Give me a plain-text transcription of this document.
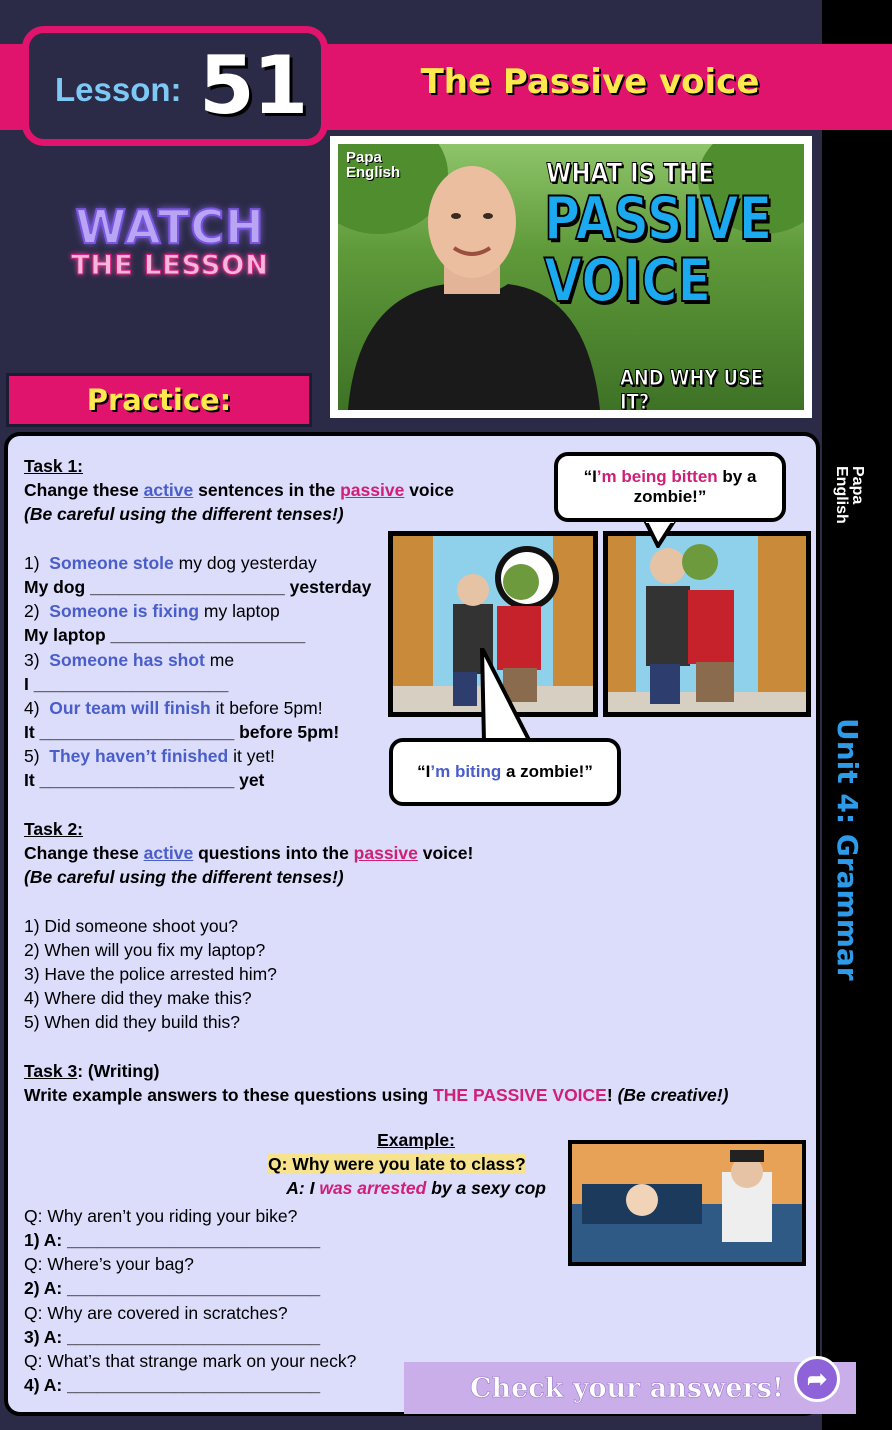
Lesson: 51	The Passive voice
WATCH
THE LESSON
Papa
English	WHAT IS THE
PASSIVE
VOICE
AND WHY USE IT?
Practice:
Papa
English
Unit 4: Grammar
Task 1:
Change these active sentences in the passive voice
(Be careful using the different tenses!)
1) Someone stole my dog yesterday
My dog ____________________ yesterday
2) Someone is fixing my laptop
My laptop ____________________
3) Someone has shot me
I ____________________
4) Our team will finish it before 5pm!
It ____________________ before 5pm!
5) They haven’t finished it yet!
It ____________________ yet
Task 2:
Change these active questions into the passive voice!
(Be careful using the different tenses!)
1) Did someone shoot you?
2) When will you fix my laptop?
3) Have the police arrested him?
4) Where did they make this?
5) When did they build this?
Task 3: (Writing)
Write example answers to these questions using THE PASSIVE VOICE! (Be creative!)
Q: Why aren’t you riding your bike?
1) A: __________________________
Q: Where’s your bag?
2) A: __________________________
Q: Why are covered in scratches?
3) A: __________________________
Q: What’s that strange mark on your neck?
4) A: __________________________
“I’m being bitten by a zombie!”
“I’m biting a zombie!”
Example:
Q: Why were you late to class?
A: I was arrested by a sexy cop
Check your answers! ➦
